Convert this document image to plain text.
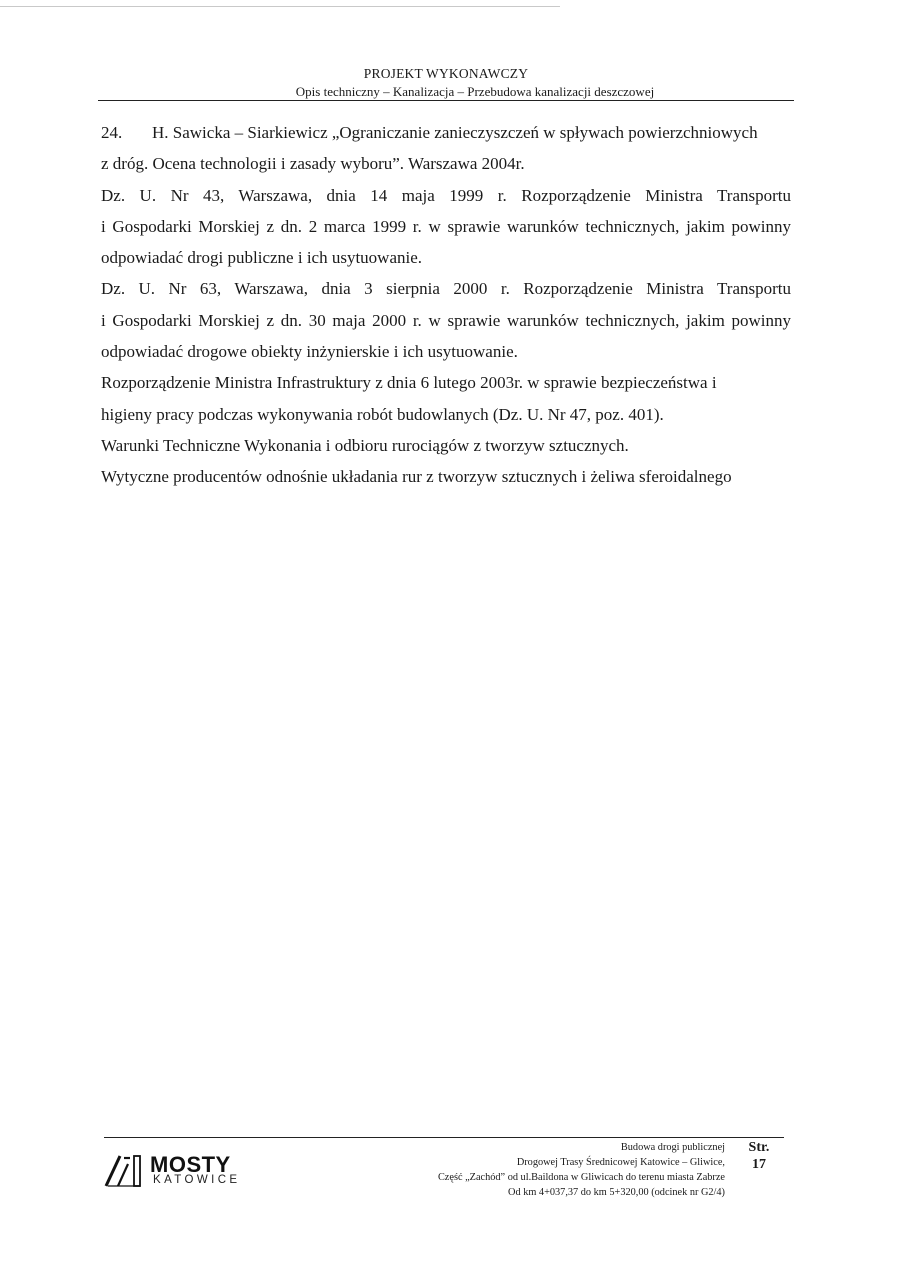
PROJEKT WYKONAWCZY
Opis techniczny – Kanalizacja – Przebudowa kanalizacji deszczowej
24.	H. Sawicka – Siarkiewicz „Ograniczanie zanieczyszczeń w spływach powierzchniowych
z dróg. Ocena technologii i zasady wyboru”. Warszawa 2004r.

Dz. U. Nr 43, Warszawa, dnia 14 maja 1999 r. Rozporządzenie Ministra Transportu

i Gospodarki Morskiej z dn. 2 marca 1999 r. w sprawie warunków technicznych, jakim powinny

odpowiadać drogi publiczne i ich usytuowanie.

Dz. U. Nr 63, Warszawa, dnia 3 sierpnia 2000 r. Rozporządzenie Ministra Transportu

i Gospodarki Morskiej z dn. 30 maja 2000 r. w sprawie warunków technicznych, jakim powinny

odpowiadać drogowe obiekty inżynierskie i ich usytuowanie.

Rozporządzenie Ministra Infrastruktury z dnia 6 lutego 2003r. w sprawie bezpieczeństwa i

higieny pracy podczas wykonywania robót budowlanych (Dz. U. Nr 47, poz. 401).

Warunki Techniczne Wykonania i odbioru rurociągów z tworzyw sztucznych.

Wytyczne producentów odnośnie układania rur z tworzyw sztucznych i żeliwa sferoidalnego

MOSTY
KATOWICE
Budowa drogi publicznej
Drogowej Trasy Średnicowej Katowice – Gliwice,
Część „Zachód” od ul.Baildona w Gliwicach do terenu miasta Zabrze
Od km 4+037,37 do km 5+320,00 (odcinek nr G2/4)
Str.
17
